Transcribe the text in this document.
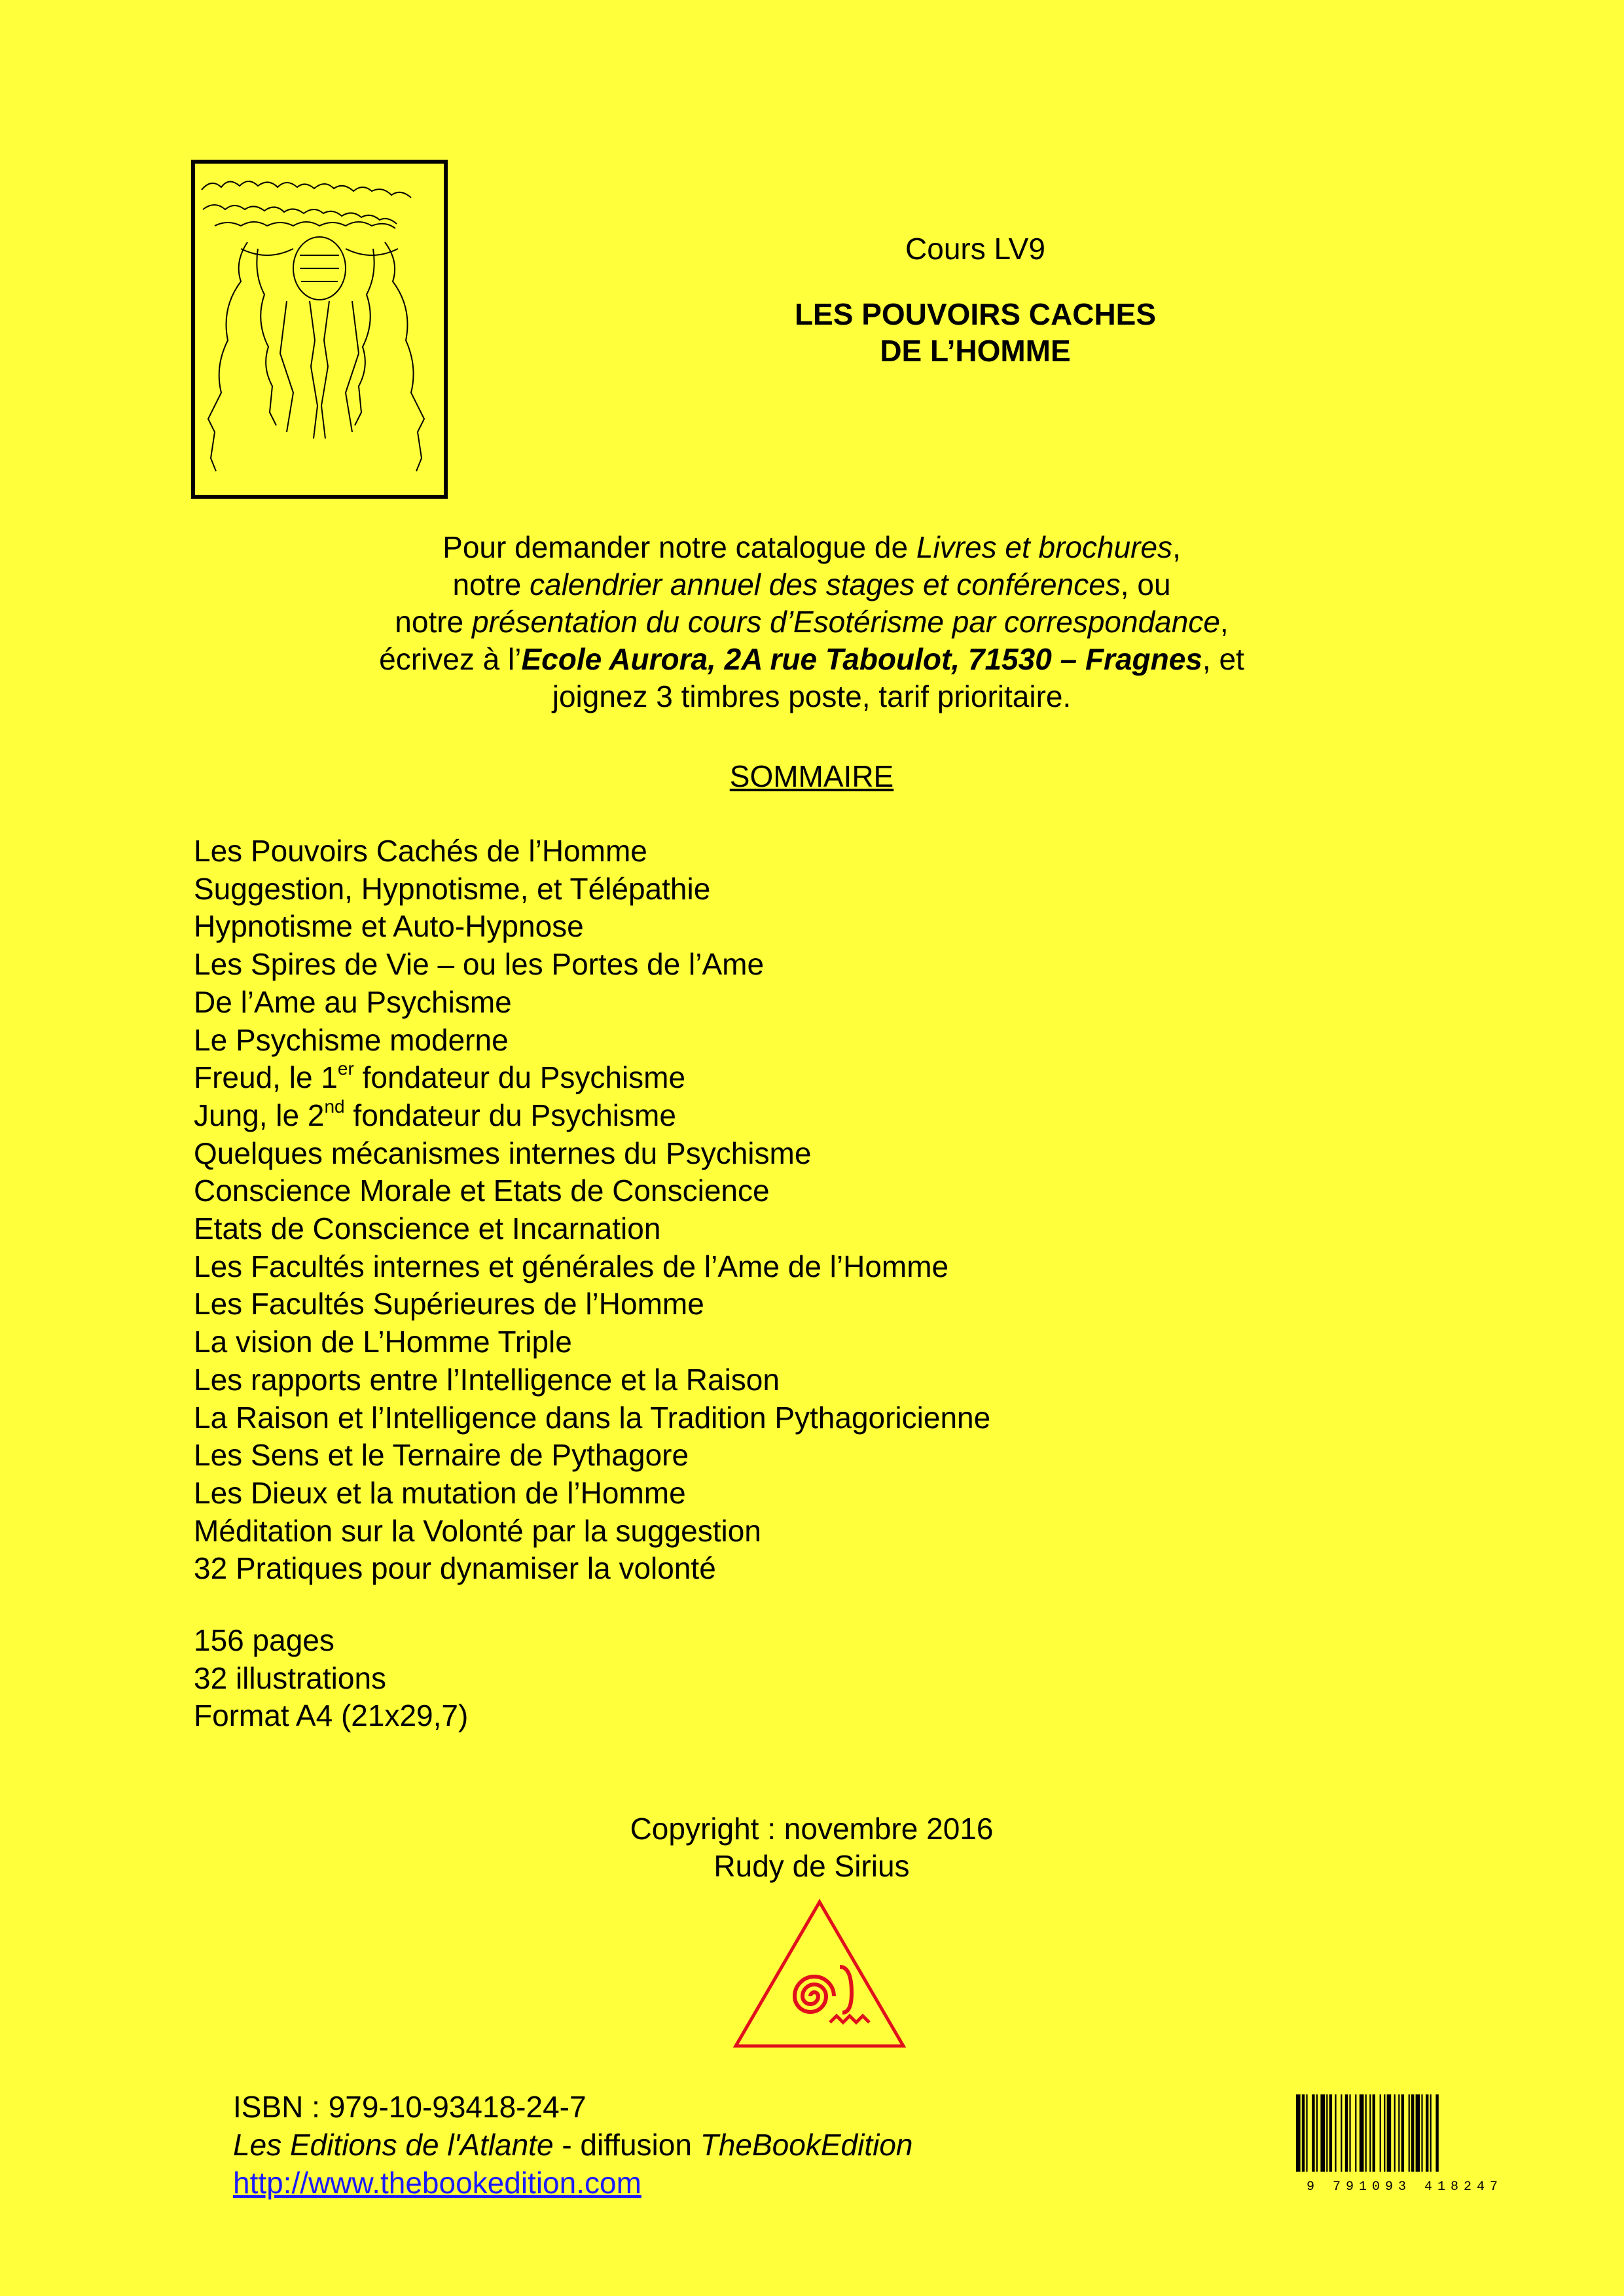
Cours LV9
LES POUVOIRS CACHES
DE L’HOMME
Pour demander notre catalogue de Livres et brochures,
notre calendrier annuel des stages et conférences, ou
notre présentation du cours d’Esotérisme par correspondance,
écrivez à l’Ecole Aurora, 2A rue Taboulot, 71530 – Fragnes, et
joignez 3 timbres poste, tarif prioritaire.
SOMMAIRE
Les Pouvoirs Cachés de l’Homme
Suggestion, Hypnotisme, et Télépathie
Hypnotisme et Auto-Hypnose
Les Spires de Vie – ou les Portes de l’Ame
De l’Ame au Psychisme
Le Psychisme moderne
Freud, le 1er fondateur du Psychisme
Jung, le 2nd fondateur du Psychisme
Quelques mécanismes internes du Psychisme
Conscience Morale et Etats de Conscience
Etats de Conscience et Incarnation
Les Facultés internes et générales de l’Ame de l’Homme
Les Facultés Supérieures de l’Homme
La vision de L’Homme Triple
Les rapports entre l’Intelligence et la Raison
La Raison et l’Intelligence dans la Tradition Pythagoricienne
Les Sens et le Ternaire de Pythagore
Les Dieux et la mutation de l’Homme
Méditation sur la Volonté par la suggestion
32 Pratiques pour dynamiser la volonté
156 pages
32 illustrations
Format A4 (21x29,7)
Copyright : novembre 2016
Rudy de Sirius
ISBN : 979-10-93418-24-7
Les Editions de l'Atlante - diffusion TheBookEdition
http://www.thebookedition.com	9 791093 418247
